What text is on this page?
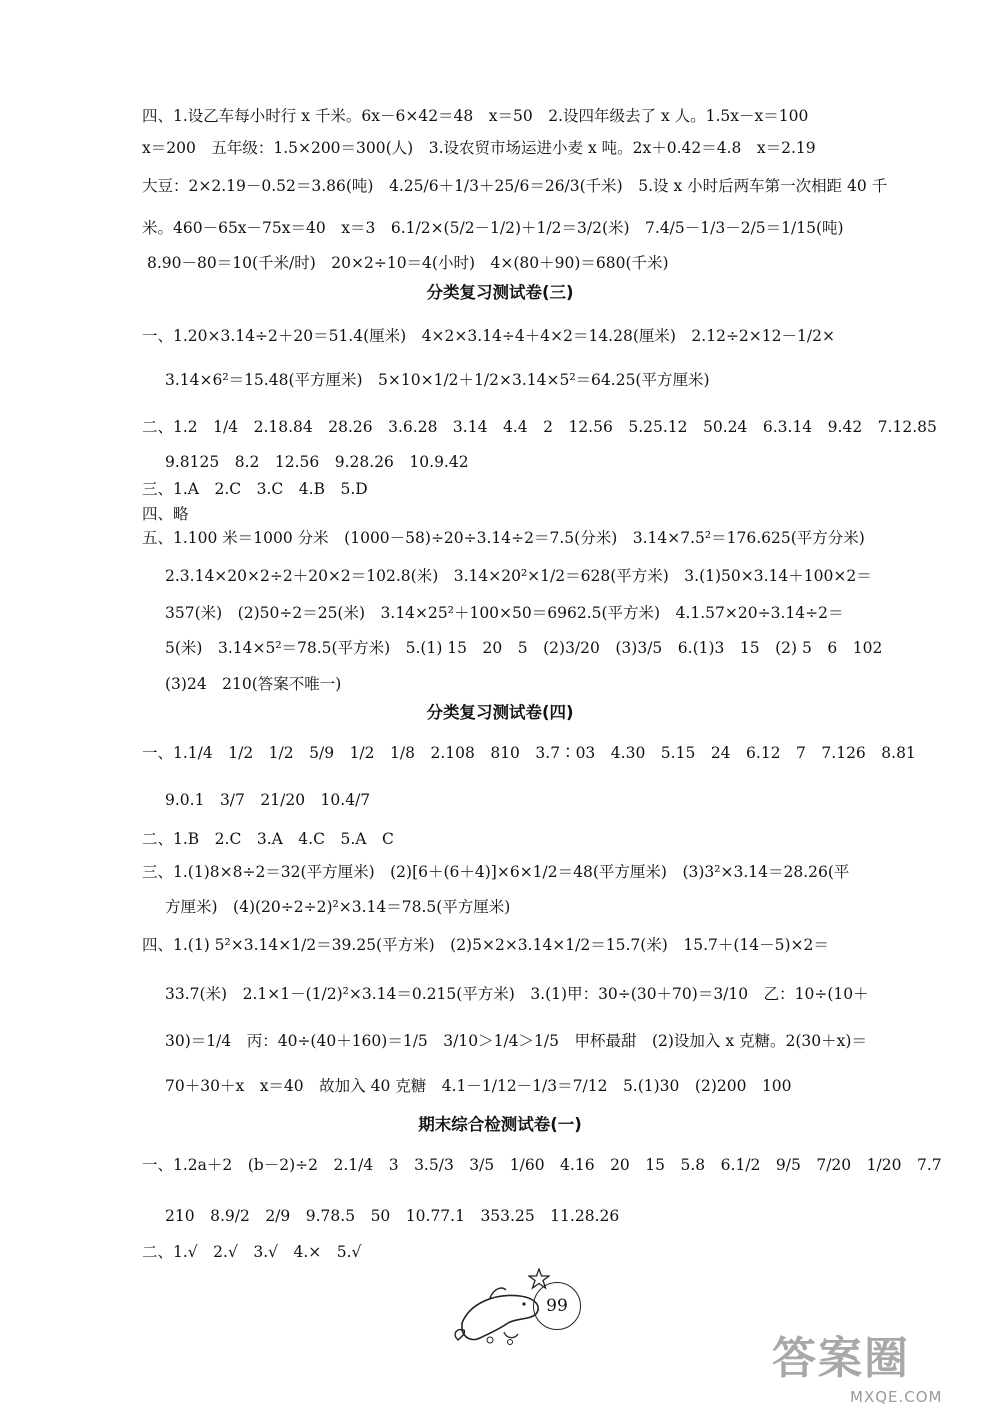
四、1.设乙车每小时行 x 千米。6x－6×42＝48　x＝50　2.设四年级去了 x 人。1.5x－x＝100
x＝200　五年级：1.5×200＝300(人)　3.设农贸市场运进小麦 x 吨。2x＋0.42＝4.8　x＝2.19
大豆：2×2.19－0.52＝3.86(吨)　4.25/6＋1/3＋25/6＝26/3(千米)　5.设 x 小时后两车第一次相距 40 千
米。460－65x－75x＝40　x＝3　6.1/2×(5/2－1/2)＋1/2＝3/2(米)　7.4/5－1/3－2/5＝1/15(吨)
8.90－80＝10(千米/时)　20×2÷10＝4(小时)　4×(80＋90)＝680(千米)
分类复习测试卷(三)
一、1.20×3.14÷2＋20＝51.4(厘米)　4×2×3.14÷4＋4×2＝14.28(厘米)　2.12÷2×12－1/2×
3.14×6²＝15.48(平方厘米)　5×10×1/2＋1/2×3.14×5²＝64.25(平方厘米)
二、1.2　1/4　2.18.84　28.26　3.6.28　3.14　4.4　2　12.56　5.25.12　50.24　6.3.14　9.42　7.12.85
9.8125　8.2　12.56　9.28.26　10.9.42
三、1.A　2.C　3.C　4.B　5.D
四、略
五、1.100 米＝1000 分米　(1000－58)÷20÷3.14÷2＝7.5(分米)　3.14×7.5²＝176.625(平方分米)
2.3.14×20×2÷2＋20×2＝102.8(米)　3.14×20²×1/2＝628(平方米)　3.(1)50×3.14＋100×2＝
357(米)　(2)50÷2＝25(米)　3.14×25²＋100×50＝6962.5(平方米)　4.1.57×20÷3.14÷2＝
5(米)　3.14×5²＝78.5(平方米)　5.(1) 15　20　5　(2)3/20　(3)3/5　6.(1)3　15　(2) 5　6　102
(3)24　210(答案不唯一)
分类复习测试卷(四)
一、1.1/4　1/2　1/2　5/9　1/2　1/8　2.108　810　3.7∶03　4.30　5.15　24　6.12　7　7.126　8.81
9.0.1　3/7　21/20　10.4/7
二、1.B　2.C　3.A　4.C　5.A　C
三、1.(1)8×8÷2＝32(平方厘米)　(2)[6＋(6＋4)]×6×1/2＝48(平方厘米)　(3)3²×3.14＝28.26(平
方厘米)　(4)(20÷2÷2)²×3.14＝78.5(平方厘米)
四、1.(1) 5²×3.14×1/2＝39.25(平方米)　(2)5×2×3.14×1/2＝15.7(米)　15.7＋(14－5)×2＝
33.7(米)　2.1×1－(1/2)²×3.14＝0.215(平方米)　3.(1)甲：30÷(30＋70)＝3/10　乙：10÷(10＋
30)＝1/4　丙：40÷(40＋160)＝1/5　3/10＞1/4＞1/5　甲杯最甜　(2)设加入 x 克糖。2(30＋x)＝
70＋30＋x　x＝40　故加入 40 克糖　4.1－1/12－1/3＝7/12　5.(1)30　(2)200　100
期末综合检测试卷(一)
一、1.2a＋2　(b－2)÷2　2.1/4　3　3.5/3　3/5　1/60　4.16　20　15　5.8　6.1/2　9/5　7/20　1/20　7.7
210　8.9/2　2/9　9.78.5　50　10.77.1　353.25　11.28.26
二、1.√　2.√　3.√　4.×　5.√
99
答案圈
MXQE.COM
